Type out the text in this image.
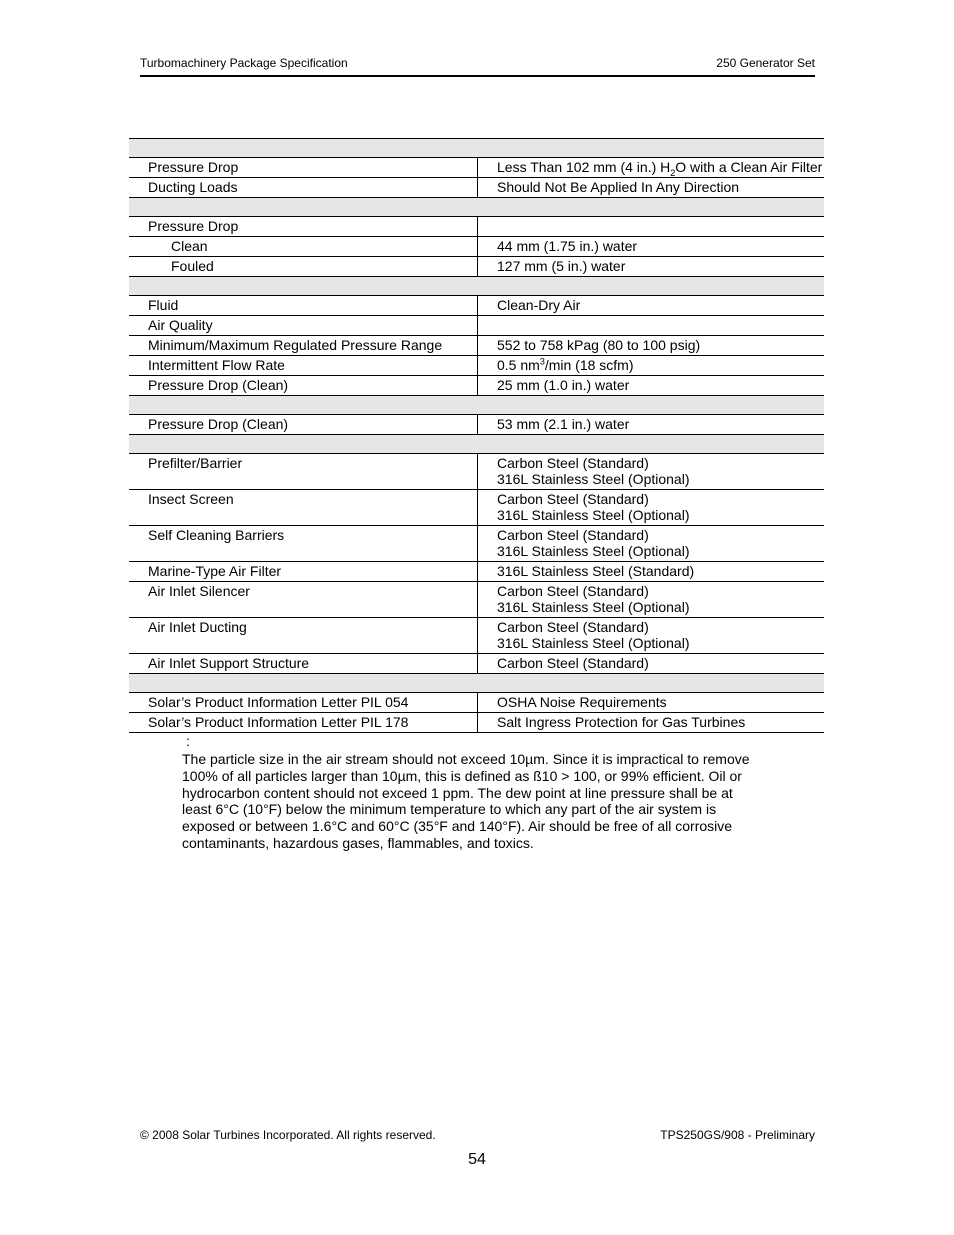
Turbomachinery Package Specification	250 Generator Set

Pressure Drop	Less Than 102 mm (4 in.) $H_2O$ with a Clean Air Filter
Ducting Loads	Should Not Be Applied In Any Direction

Pressure Drop	
Clean	44 mm (1.75 in.) water
Fouled	127 mm (5 in.) water

Fluid	Clean-Dry Air
Air Quality	
Minimum/Maximum Regulated Pressure Range	552 to 758 kPag (80 to 100 psig)
Intermittent Flow Rate	0.5 $nm^3/\min$ (18 scfm)
Pressure Drop (Clean)	25 mm (1.0 in.) water

Pressure Drop (Clean)	53 mm (2.1 in.) water

Prefilter/Barrier	Carbon Steel (Standard)
316L Stainless Steel (Optional)

Insect Screen	Carbon Steel (Standard)
316L Stainless Steel (Optional)

Self Cleaning Barriers	Carbon Steel (Standard)
316L Stainless Steel (Optional)

Marine-Type Air Filter	316L Stainless Steel (Standard)
Air Inlet Silencer	Carbon Steel (Standard)
316L Stainless Steel (Optional)

Air Inlet Ducting	Carbon Steel (Standard)
316L Stainless Steel (Optional)

Air Inlet Support Structure	Carbon Steel (Standard)

Solar’s Product Information Letter PIL 054	OSHA Noise Requirements
Solar’s Product Information Letter PIL 178	Salt Ingress Protection for Gas Turbines
:
The particle size in the air stream should not exceed 10µm. Since it is impractical to remove 100% of all particles larger than 10µm, this is defined as ß10 > 100, or 99% efficient. Oil or hydrocarbon content should not exceed 1 ppm. The dew point at line pressure shall be at least 6°C (10°F) below the minimum temperature to which any part of the air system is exposed or between 1.6°C and 60°C (35°F and 140°F). Air should be free of all corrosive contaminants, hazardous gases, flammables, and toxics.
© 2008 Solar Turbines Incorporated. All rights reserved.	TPS250GS/908 - Preliminary
54
